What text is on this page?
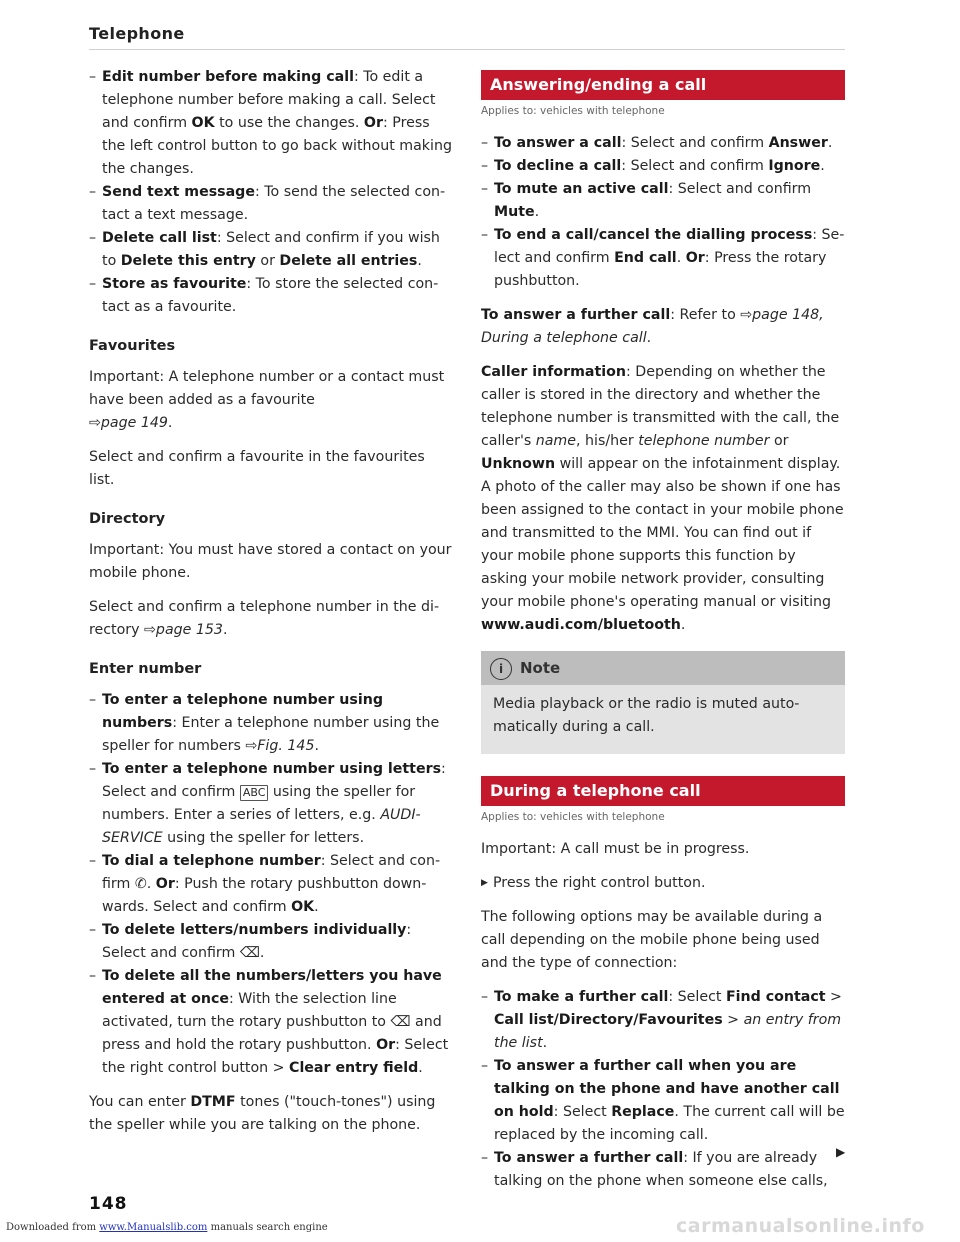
Telephone
– Edit number before making call: To edit a telephone number before making a call. Select and confirm OK to use the changes. Or: Press the left control button to go back without making the changes.
– Send text message: To send the selected contact a text message.
– Delete call list: Select and confirm if you wish to Delete this entry or Delete all entries.
– Store as favourite: To store the selected contact as a favourite.
Favourites

Important: A telephone number or a contact must have been added as a favourite
⇨page 149.

Select and confirm a favourite in the favourites list.

Directory

Important: You must have stored a contact on your mobile phone.

Select and confirm a telephone number in the directory ⇨page 153.

Enter number
– To enter a telephone number using numbers: Enter a telephone number using the speller for numbers ⇨Fig. 145.
– To enter a telephone number using letters: Select and confirm ABC using the speller for numbers. Enter a series of letters, e.g. AUDI-SERVICE using the speller for letters.
– To dial a telephone number: Select and confirm ✆. Or: Push the rotary pushbutton downwards. Select and confirm OK.
– To delete letters/numbers individually: Select and confirm ⌫.
– To delete all the numbers/letters you have entered at once: With the selection line activated, turn the rotary pushbutton to ⌫ and press and hold the rotary pushbutton. Or: Select the right control button > Clear entry field.

You can enter DTMF tones ("touch-tones") using the speller while you are talking on the phone.

Answering/ending a call
Applies to: vehicles with telephone
– To answer a call: Select and confirm Answer.
– To decline a call: Select and confirm Ignore.
– To mute an active call: Select and confirm Mute.
– To end a call/cancel the dialling process: Select and confirm End call. Or: Press the rotary pushbutton.

To answer a further call: Refer to ⇨page 148, During a telephone call.

Caller information: Depending on whether the caller is stored in the directory and whether the telephone number is transmitted with the call, the caller's name, his/her telephone number or Unknown will appear on the infotainment display. A photo of the caller may also be shown if one has been assigned to the contact in your mobile phone and transmitted to the MMI. You can find out if your mobile phone supports this function by asking your mobile network provider, consulting your mobile phone's operating manual or visiting www.audi.com/bluetooth.

i Note

Media playback or the radio is muted automatically during a call.

During a telephone call
Applies to: vehicles with telephone

Important: A call must be in progress.

▶ Press the right control button.

The following options may be available during a call depending on the mobile phone being used and the type of connection:

– To make a further call: Select Find contact > Call list/Directory/Favourites > an entry from the list.
– To answer a further call when you are talking on the phone and have another call on hold: Select Replace. The current call will be replaced by the incoming call.
– To answer a further call: If you are already talking on the phone when someone else calls,
▶
148
Downloaded from www.Manualslib.com manuals search engine	carmanualsonline.info
